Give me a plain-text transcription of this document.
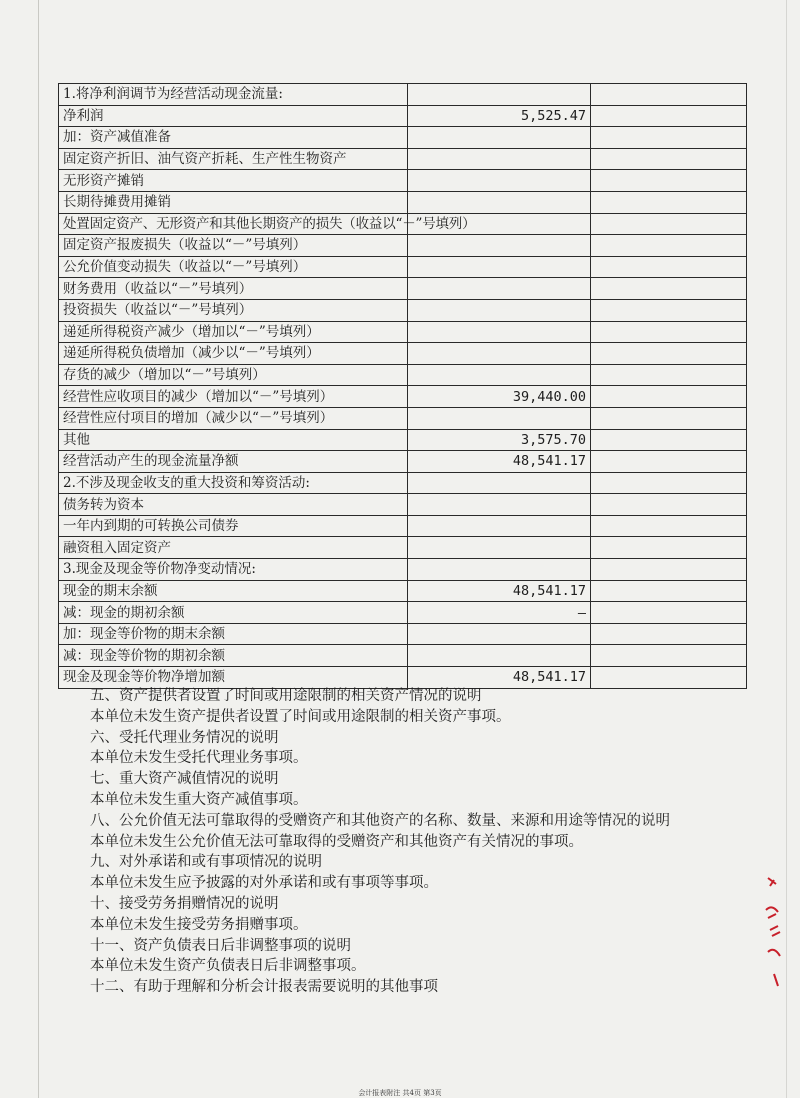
1.将净利润调节为经营活动现金流量:		
净利润	5,525.47	
加：资产减值准备		
固定资产折旧、油气资产折耗、生产性生物资产		
无形资产摊销		
长期待摊费用摊销		
处置固定资产、无形资产和其他长期资产的损失（收益以“－”号填列）		
固定资产报废损失（收益以“－”号填列）		
公允价值变动损失（收益以“－”号填列）		
财务费用（收益以“－”号填列）		
投资损失（收益以“－”号填列）		
递延所得税资产减少（增加以“－”号填列）		
递延所得税负债增加（减少以“－”号填列）		
存货的减少（增加以“－”号填列）		
经营性应收项目的减少（增加以“－”号填列）	39,440.00	
经营性应付项目的增加（减少以“－”号填列）		
其他	3,575.70	
经营活动产生的现金流量净额	48,541.17	
2.不涉及现金收支的重大投资和筹资活动:		
债务转为资本		
一年内到期的可转换公司债券		
融资租入固定资产		
3.现金及现金等价物净变动情况:		
现金的期末余额	48,541.17	
减：现金的期初余额	—	
加：现金等价物的期末余额		
减：现金等价物的期初余额		
现金及现金等价物净增加额	48,541.17	

五、资产提供者设置了时间或用途限制的相关资产情况的说明

本单位未发生资产提供者设置了时间或用途限制的相关资产事项。

六、受托代理业务情况的说明

本单位未发生受托代理业务事项。

七、重大资产减值情况的说明

本单位未发生重大资产减值事项。

八、公允价值无法可靠取得的受赠资产和其他资产的名称、数量、来源和用途等情况的说明

本单位未发生公允价值无法可靠取得的受赠资产和其他资产有关情况的事项。

九、对外承诺和或有事项情况的说明

本单位未发生应予披露的对外承诺和或有事项等事项。

十、接受劳务捐赠情况的说明

本单位未发生接受劳务捐赠事项。

十一、资产负债表日后非调整事项的说明

本单位未发生资产负债表日后非调整事项。

十二、有助于理解和分析会计报表需要说明的其他事项

会计报表附注 共4页 第3页
